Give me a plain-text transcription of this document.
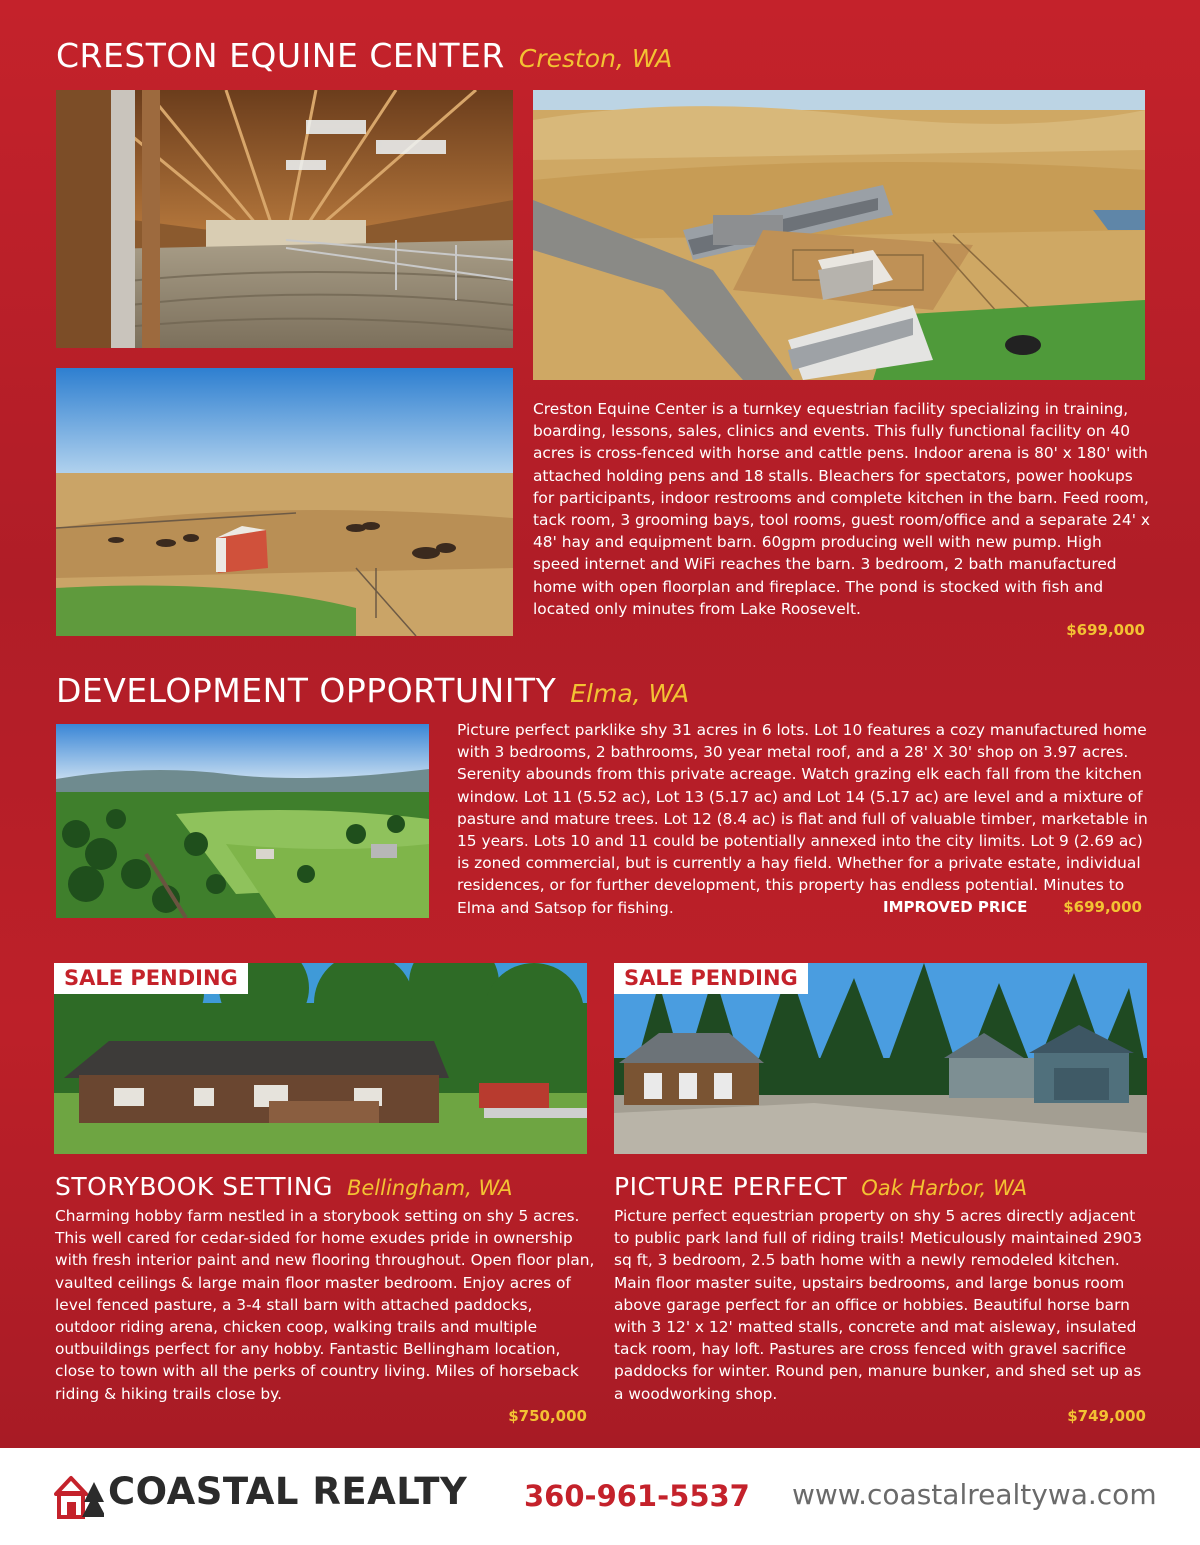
CRESTON EQUINE CENTER Creston, WA
Creston Equine Center is a turnkey equestrian facility specializing in training, boarding, lessons, sales, clinics and events. This fully functional facility on 40 acres is cross-fenced with horse and cattle pens. Indoor arena is 80' x 180' with attached holding pens and 18 stalls. Bleachers for spectators, power hookups for participants, indoor restrooms and complete kitchen in the barn. Feed room, tack room, 3 grooming bays, tool rooms, guest room/office and a separate 24' x 48' hay and equipment barn. 60gpm producing well with new pump. High speed internet and WiFi reaches the barn. 3 bedroom, 2 bath manufactured home with open floorplan and fireplace. The pond is stocked with fish and located only minutes from Lake Roosevelt.
$699,000
DEVELOPMENT OPPORTUNITY Elma, WA
Picture perfect parklike shy 31 acres in 6 lots. Lot 10 features a cozy manufactured home with 3 bedrooms, 2 bathrooms, 30 year metal roof, and a 28' X 30' shop on 3.97 acres. Serenity abounds from this private acreage. Watch grazing elk each fall from the kitchen window. Lot 11 (5.52 ac), Lot 13 (5.17 ac) and Lot 14 (5.17 ac) are level and a mixture of pasture and mature trees. Lot 12 (8.4 ac) is flat and full of valuable timber, marketable in 15 years. Lots 10 and 11 could be potentially annexed into the city limits. Lot 9 (2.69 ac) is zoned commercial, but is currently a hay field. Whether for a private estate, individual residences, or for further development, this property has endless potential. Minutes to Elma and Satsop for fishing.	IMPROVED PRICE	$699,000
SALE PENDING
STORYBOOK SETTING Bellingham, WA
Charming hobby farm nestled in a storybook setting on shy 5 acres. This well cared for cedar-sided for home exudes pride in ownership with fresh interior paint and new flooring throughout. Open floor plan, vaulted ceilings & large main floor master bedroom. Enjoy acres of level fenced pasture, a 3-4 stall barn with attached paddocks, outdoor riding arena, chicken coop, walking trails and multiple outbuildings perfect for any hobby. Fantastic Bellingham location, close to town with all the perks of country living. Miles of horseback riding & hiking trails close by.
$750,000
SALE PENDING
PICTURE PERFECT Oak Harbor, WA
Picture perfect equestrian property on shy 5 acres directly adjacent to public park land full of riding trails! Meticulously maintained 2903 sq ft, 3 bedroom, 2.5 bath home with a newly remodeled kitchen. Main floor master suite, upstairs bedrooms, and large bonus room above garage perfect for an office or hobbies. Beautiful horse barn with 3 12' x 12' matted stalls, concrete and mat aisleway, insulated tack room, hay loft. Pastures are cross fenced with gravel sacrifice paddocks for winter. Round pen, manure bunker, and shed set up as a woodworking shop.
$749,000
COASTAL REALTY 360-961-5537 www.coastalrealtywa.com
